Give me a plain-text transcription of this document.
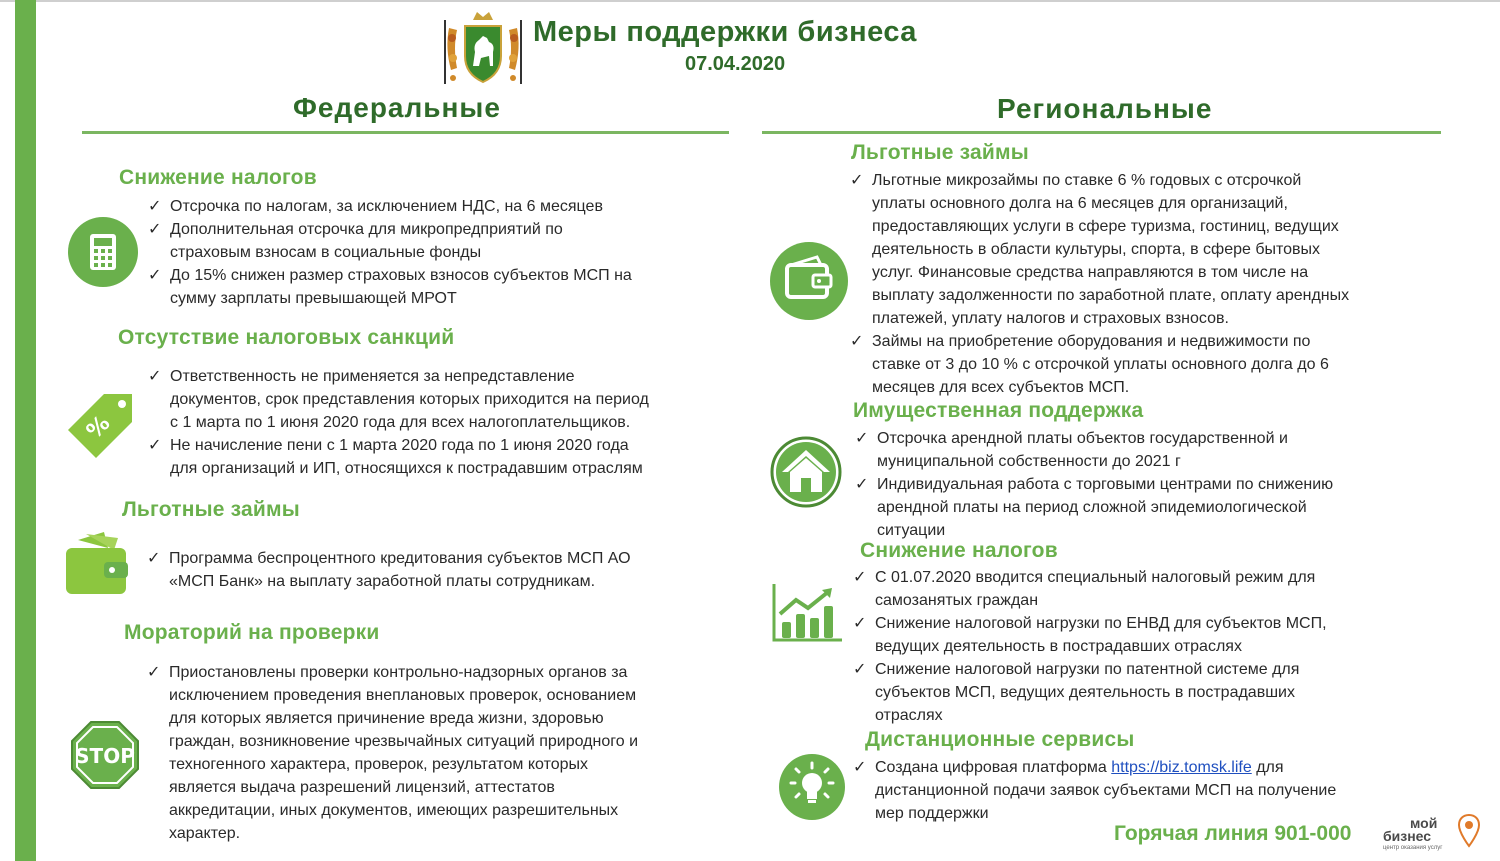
Меры поддержки бизнеса
07.04.2020
Федеральные	Региональные
Снижение налогов
✓ Отсрочка по налогам, за исключением НДС, на 6 месяцев
✓ Дополнительная отсрочка для микропредприятий по
страховым взносам в социальные фонды
✓ До 15% снижен размер страховых взносов субъектов МСП на
сумму зарплаты превышающей МРОТ
Отсутствие налоговых санкций
%
✓ Ответственность не применяется за непредставление
документов, срок представления которых приходится на период
с 1 марта по 1 июня 2020 года для всех налогоплательщиков.
✓ Не начисление пени с 1 марта 2020 года по 1 июня 2020 года
для организаций и ИП, относящихся к пострадавшим отраслям
Льготные займы
✓ Программа беспроцентного кредитования субъектов МСП АО
«МСП Банк» на выплату заработной платы сотрудникам.
Мораторий на проверки
STOP
✓ Приостановлены проверки контрольно-надзорных органов за
исключением проведения внеплановых проверок, основанием
для которых является причинение вреда жизни, здоровью
граждан, возникновение чрезвычайных ситуаций природного и
техногенного характера, проверок, результатом которых
является выдача разрешений лицензий, аттестатов
аккредитации, иных документов, имеющих разрешительных
характер.
Льготные займы
✓ Льготные микрозаймы по ставке 6 % годовых с отсрочкой
уплаты основного долга на 6 месяцев для организаций,
предоставляющих услуги в сфере туризма, гостиниц, ведущих
деятельность в области культуры, спорта, в сфере бытовых
услуг. Финансовые средства направляются в том числе на
выплату задолженности по заработной плате, оплату арендных
платежей, уплату налогов и страховых взносов.
✓ Займы на приобретение оборудования и недвижимости по
ставке от 3 до 10 % с отсрочкой уплаты основного долга до 6
месяцев для всех субъектов МСП.
Имущественная поддержка
✓ Отсрочка арендной платы объектов государственной и
муниципальной собственности до 2021 г
✓ Индивидуальная работа с торговыми центрами по снижению
арендной платы на период сложной эпидемиологической
ситуации
Снижение налогов
✓ С 01.07.2020 вводится специальный налоговый режим для
самозанятых граждан
✓ Снижение налоговой нагрузки по ЕНВД для субъектов МСП,
ведущих деятельность в пострадавших отраслях
✓ Снижение налоговой нагрузки по патентной системе для
субъектов МСП, ведущих деятельность в пострадавших
отраслях
Дистанционные сервисы
✓ Создана цифровая платформа https://biz.tomsk.life для
дистанционной подачи заявок субъектами МСП на получение
мер поддержки
Горячая линия 901-000	мой
бизнес
центр оказания услуг
